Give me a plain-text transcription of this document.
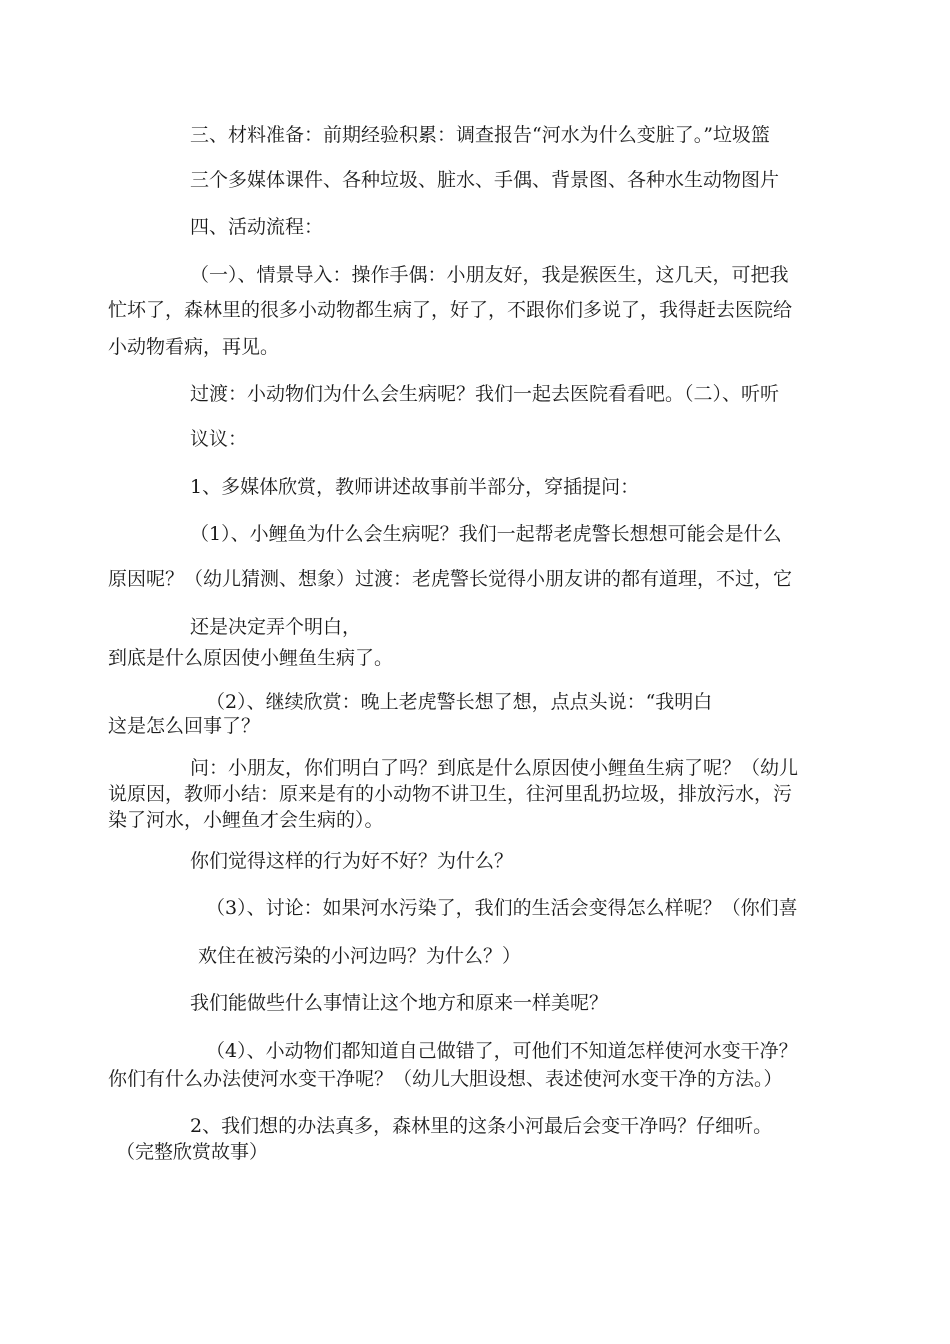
三、材料准备：前期经验积累：调查报告“河水为什么变脏了。”垃圾篮

三个多媒体课件、各种垃圾、脏水、手偶、背景图、各种水生动物图片

四、活动流程：

（一）、情景导入：操作手偶：小朋友好，我是猴医生，这几天，可把我

忙坏了，森林里的很多小动物都生病了，好了，不跟你们多说了，我得赶去医院给

小动物看病，再见。

过渡：小动物们为什么会生病呢？我们一起去医院看看吧。（二）、听听

议议：

1、多媒体欣赏，教师讲述故事前半部分，穿插提问：

（1）、小鲤鱼为什么会生病呢？我们一起帮老虎警长想想可能会是什么

原因呢？（幼儿猜测、想象）过渡：老虎警长觉得小朋友讲的都有道理，不过，它

还是决定弄个明白，

到底是什么原因使小鲤鱼生病了。

（2）、继续欣赏：晚上老虎警长想了想，点点头说：“我明白

这是怎么回事了？

问：小朋友，你们明白了吗？到底是什么原因使小鲤鱼生病了呢？（幼儿

说原因，教师小结：原来是有的小动物不讲卫生，往河里乱扔垃圾，排放污水，污

染了河水，小鲤鱼才会生病的）。

你们觉得这样的行为好不好？为什么？

（3）、讨论：如果河水污染了，我们的生活会变得怎么样呢？（你们喜

欢住在被污染的小河边吗？为什么？）

我们能做些什么事情让这个地方和原来一样美呢？

（4）、小动物们都知道自己做错了，可他们不知道怎样使河水变干净？

你们有什么办法使河水变干净呢？（幼儿大胆设想、表述使河水变干净的方法。）

2、我们想的办法真多，森林里的这条小河最后会变干净吗？仔细听。

（完整欣赏故事）
